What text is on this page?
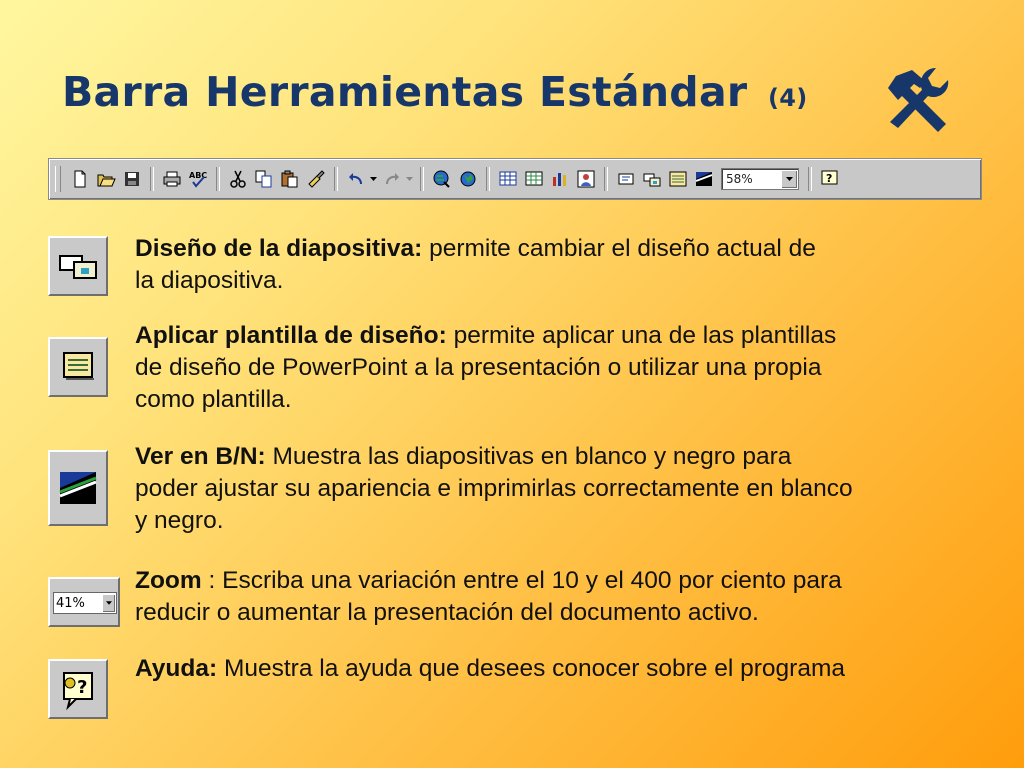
Barra Herramientas Estándar (4)
ABC	58%	?
Diseño de la diapositiva: permite cambiar el diseño actual de
la diapositiva.
Aplicar plantilla de diseño: permite aplicar una de las plantillas
de diseño de PowerPoint a la presentación o utilizar una propia
como plantilla.
Ver en B/N: Muestra las diapositivas en blanco y negro para
poder ajustar su apariencia e imprimirlas correctamente en blanco
y negro.
41%
Zoom : Escriba una variación entre el 10 y el 400 por ciento para
reducir o aumentar la presentación del documento activo.
?
Ayuda: Muestra la ayuda que desees conocer sobre el programa
